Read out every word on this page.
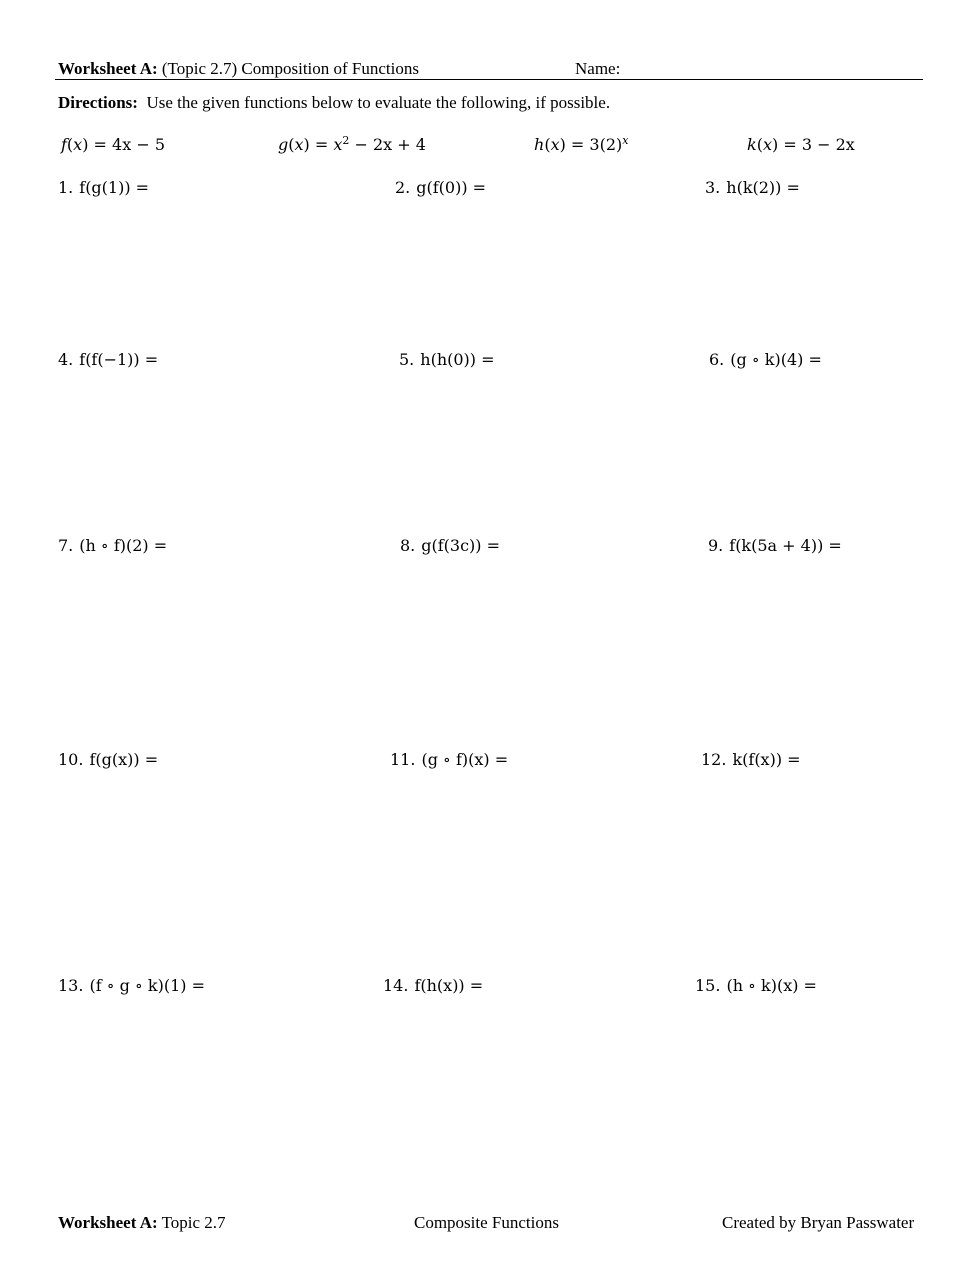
Worksheet A: (Topic 2.7) Composition of Functions	Name:
Directions: Use the given functions below to evaluate the following, if possible.
f(x) = 4x − 5	$g(x) = x^2 - 2x + 4$	$h(x) = 3(2)^x$	k(x) = 3 − 2x
1. f(g(1)) =	2. g(f(0)) =	3. h(k(2)) =
4. f(f(−1)) =	5. h(h(0)) =	6. (g ∘ k)(4) =
7. (h ∘ f)(2) =	8. g(f(3c)) =	9. f(k(5a + 4)) =
10. f(g(x)) =	11. (g ∘ f)(x) =	12. k(f(x)) =
13. (f ∘ g ∘ k)(1) =	14. f(h(x)) =	15. (h ∘ k)(x) =
Worksheet A: Topic 2.7	Composite Functions	Created by Bryan Passwater
